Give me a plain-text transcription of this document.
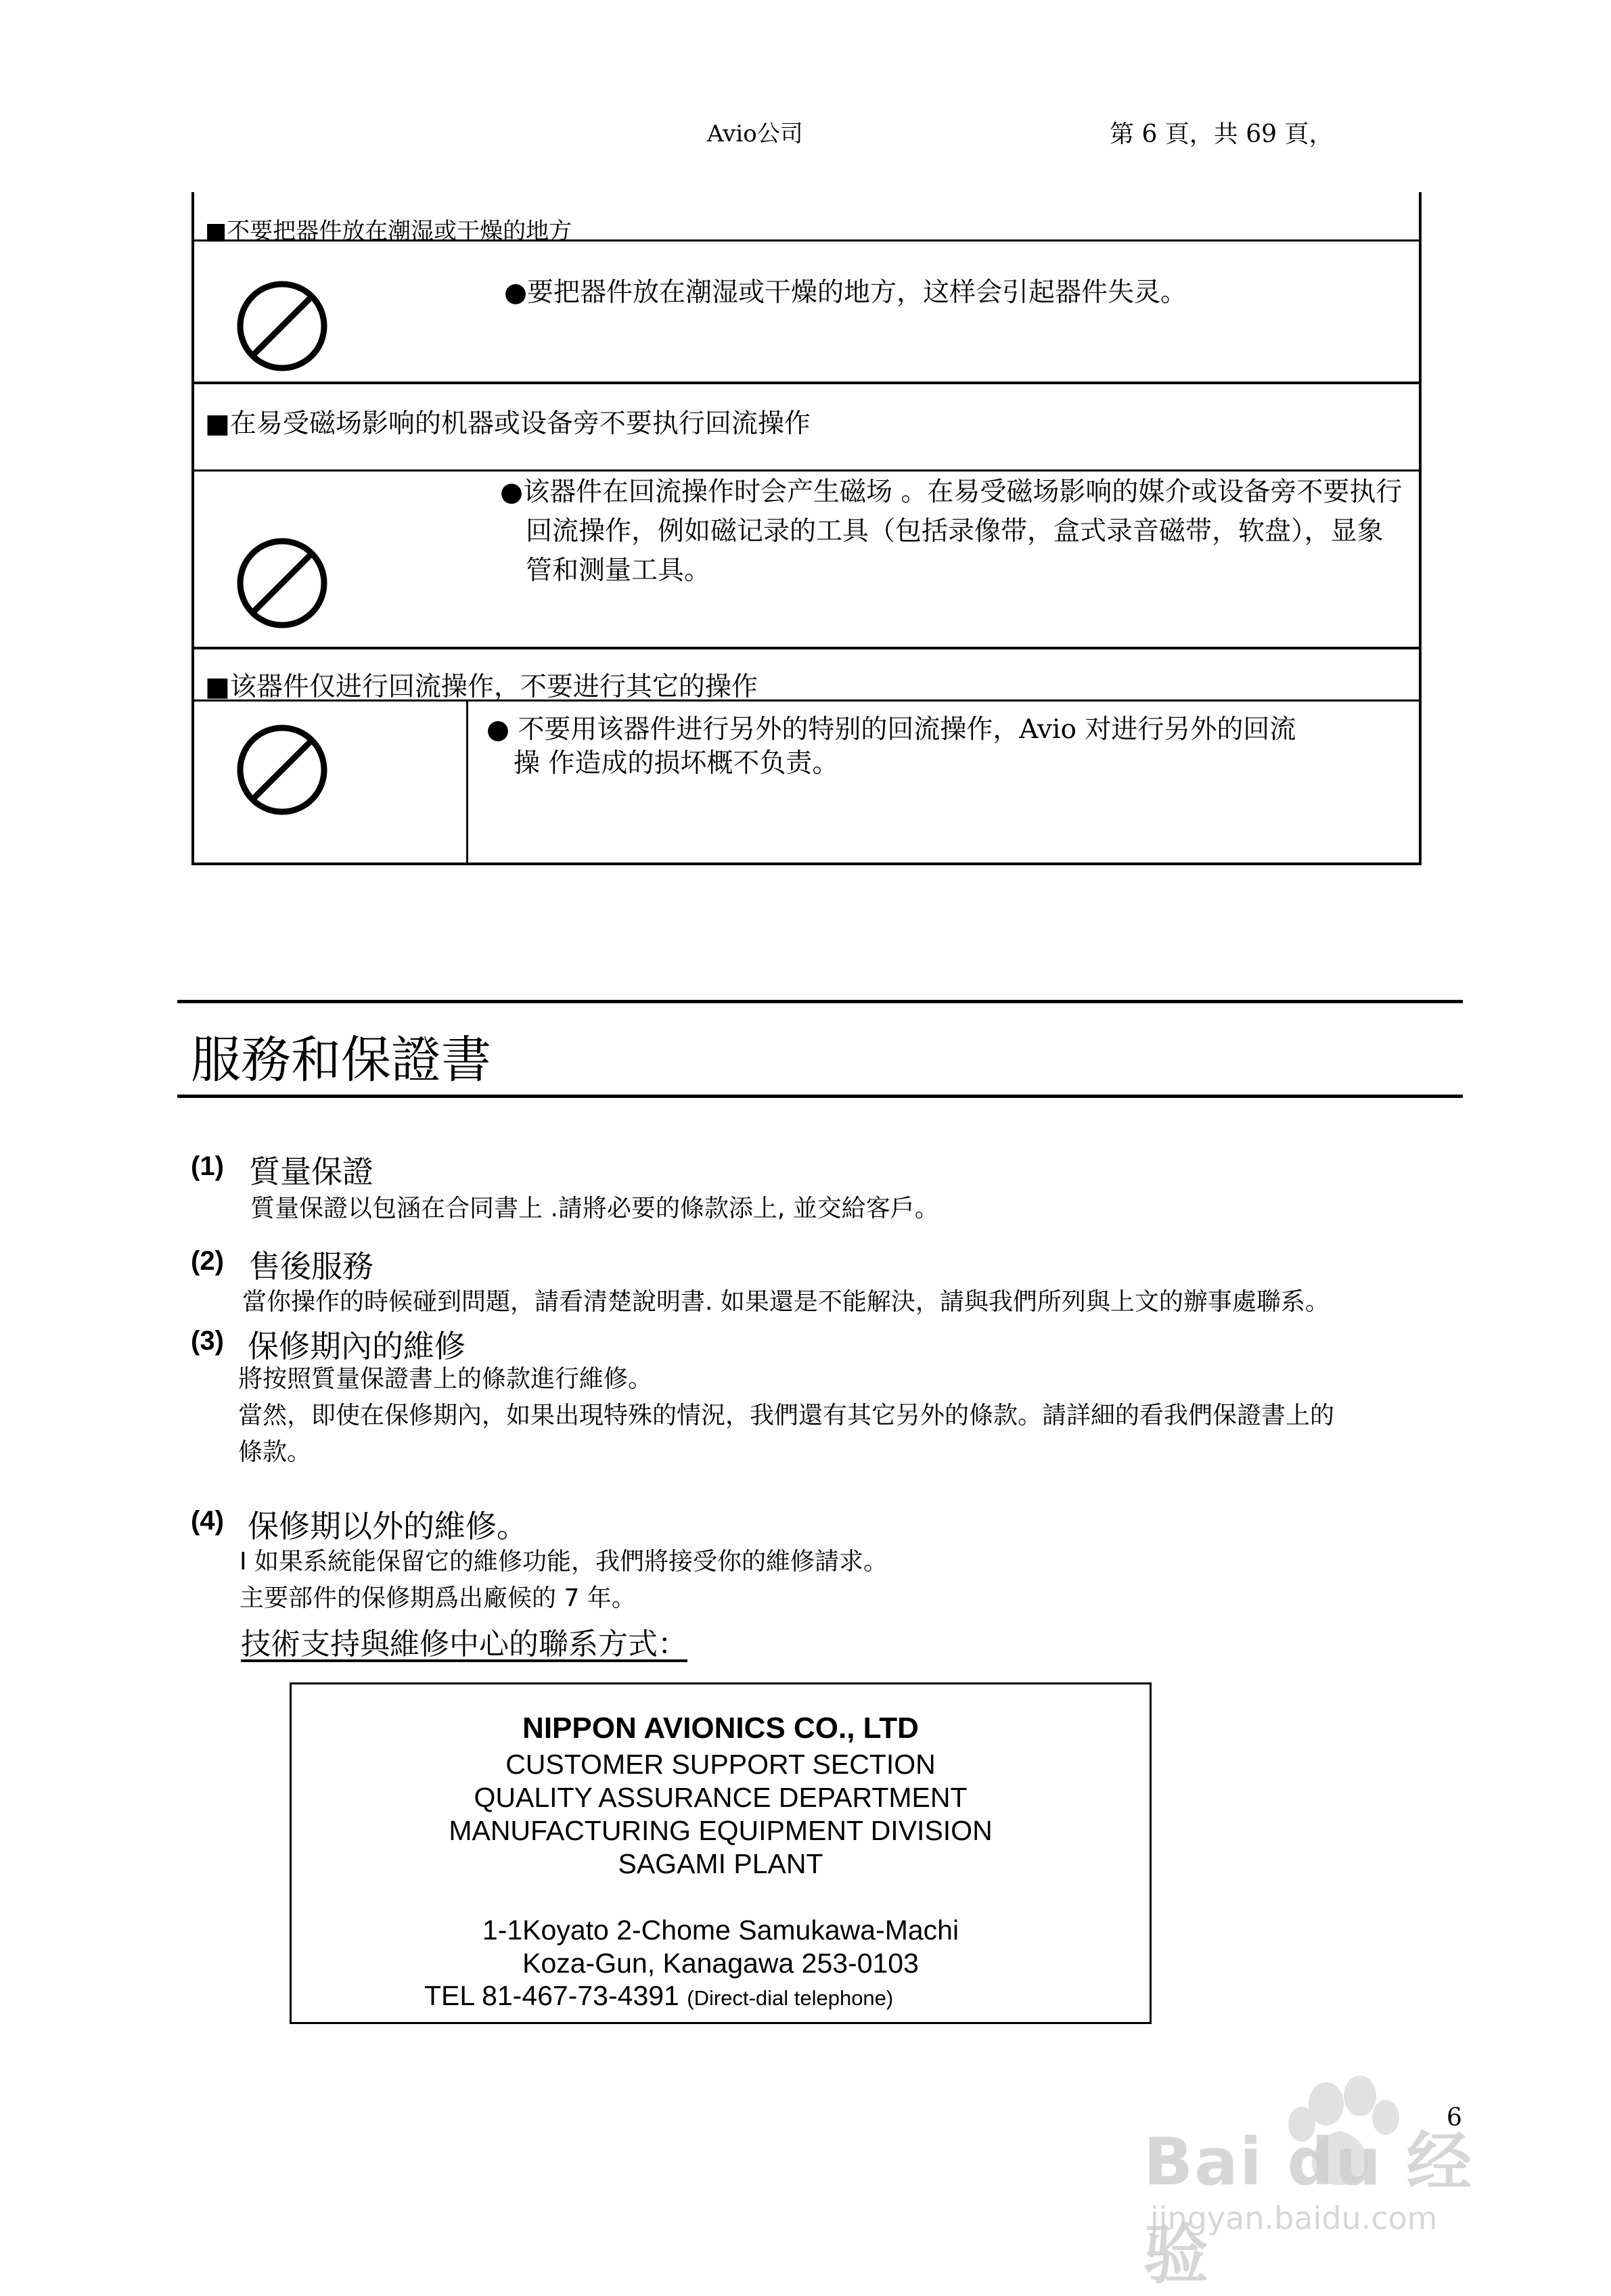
Avio公司	第 6 頁，共 69 頁，
■不要把器件放在潮湿或干燥的地方
●要把器件放在潮湿或干燥的地方，这样会引起器件失灵。
■在易受磁场影响的机器或设备旁不要执行回流操作
●该器件在回流操作时会产生磁场 。在易受磁场影响的媒介或设备旁不要执行
回流操作，例如磁记录的工具（包括录像带，盒式录音磁带，软盘），显象
管和测量工具。
■该器件仅进行回流操作，不要进行其它的操作
● 不要用该器件进行另外的特别的回流操作，Avio 对进行另外的回流
操 作造成的损坏概不负责。
服務和保證書
(1) 質量保證
質量保證以包涵在合同書上 .請將必要的條款添上, 並交給客戶。
(2) 售後服務
當你操作的時候碰到問題，請看清楚說明書. 如果還是不能解決，請與我們所列與上文的辦事處聯系。
(3) 保修期內的維修
將按照質量保證書上的條款進行維修。
當然，即使在保修期內，如果出現特殊的情況，我們還有其它另外的條款。請詳細的看我們保證書上的
條款。
(4) 保修期以外的維修。
I 如果系統能保留它的維修功能，我們將接受你的維修請求。
主要部件的保修期爲出廠候的 7 年。
技術支持與維修中心的聯系方式：
NIPPON AVIONICS CO., LTD
CUSTOMER SUPPORT SECTION
QUALITY ASSURANCE DEPARTMENT
MANUFACTURING EQUIPMENT DIVISION
SAGAMI PLANT
1-1Koyato 2-Chome Samukawa-Machi
Koza-Gun, Kanagawa 253-0103
TEL 81-467-73-4391 (Direct-dial telephone)
6
Bai du 经验
jingyan.baidu.com
